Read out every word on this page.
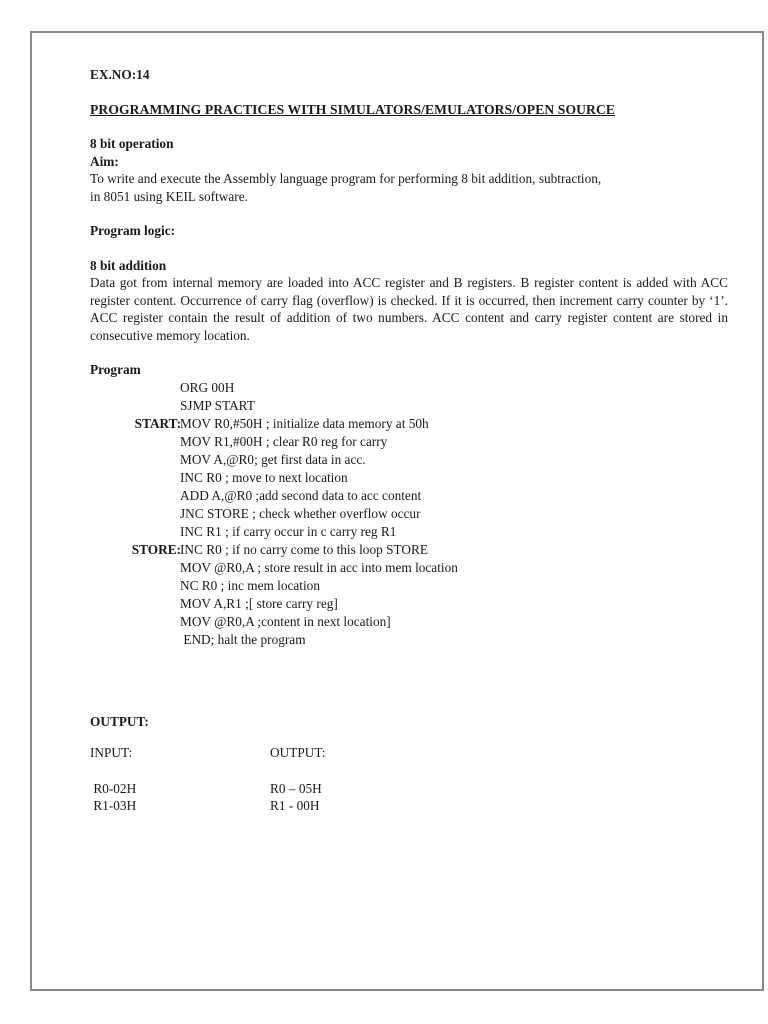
EX.NO:14
PROGRAMMING PRACTICES WITH SIMULATORS/EMULATORS/OPEN SOURCE
8 bit operation
Aim:
To write and execute the Assembly language program for performing 8 bit addition, subtraction,
in 8051 using KEIL software.
Program logic:
8 bit addition
Data got from internal memory are loaded into ACC register and B registers. B register content is added with ACC register content. Occurrence of carry flag (overflow) is checked. If it is occurred, then increment carry counter by ‘1’. ACC register contain the result of addition of two numbers. ACC content and carry register content are stored in consecutive memory location.
Program
ORG 00H
SJMP START
START: MOV R0,#50H ; initialize data memory at 50h
MOV R1,#00H ; clear R0 reg for carry
MOV A,@R0; get first data in acc.
INC R0 ; move to next location
ADD A,@R0 ;add second data to acc content
JNC STORE ; check whether overflow occur
INC R1 ; if carry occur in c carry reg R1
STORE: INC R0 ; if no carry come to this loop STORE
MOV @R0,A ; store result in acc into mem location
NC R0 ; inc mem location
MOV A,R1 ;[ store carry reg]
MOV @R0,A ;content in next location]
END; halt the program
OUTPUT:
INPUT:
R0-02H
R1-03H
OUTPUT:
R0 – 05H
R1 - 00H
